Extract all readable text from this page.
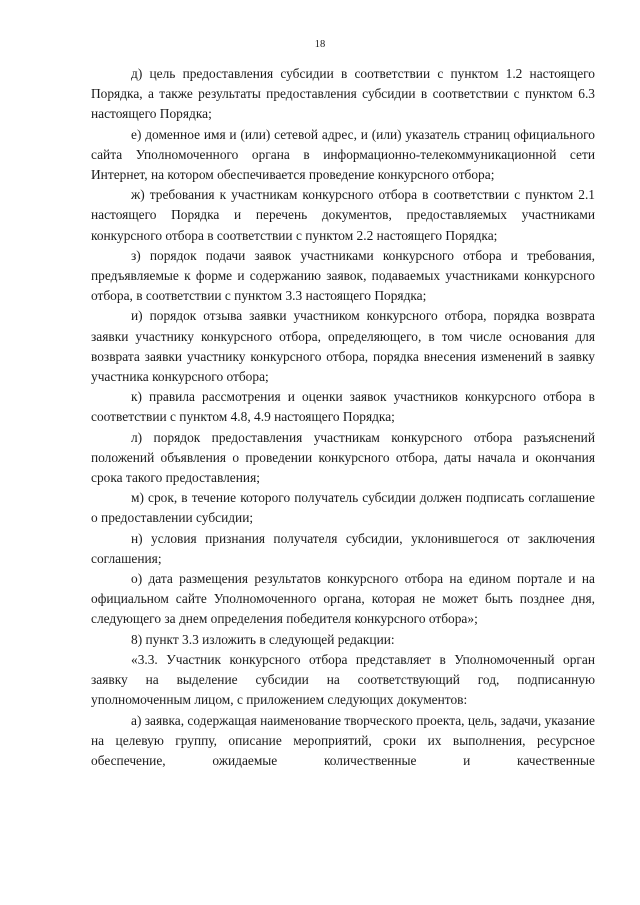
18

д) цель предоставления субсидии в соответствии с пунктом 1.2 настоящего Порядка, а также результаты предоставления субсидии в соответствии с пунктом 6.3 настоящего Порядка;

е) доменное имя и (или) сетевой адрес, и (или) указатель страниц официального сайта Уполномоченного органа в информационно-телекоммуникационной сети Интернет, на котором обеспечивается проведение конкурсного отбора;

ж) требования к участникам конкурсного отбора в соответствии с пунктом 2.1 настоящего Порядка и перечень документов, предоставляемых участниками конкурсного отбора в соответствии с пунктом 2.2 настоящего Порядка;

з) порядок подачи заявок участниками конкурсного отбора и требования, предъявляемые к форме и содержанию заявок, подаваемых участниками конкурсного отбора, в соответствии с пунктом 3.3 настоящего Порядка;

и) порядок отзыва заявки участником конкурсного отбора, порядка возврата заявки участнику конкурсного отбора, определяющего, в том числе основания для возврата заявки участнику конкурсного отбора, порядка внесения изменений в заявку участника конкурсного отбора;

к) правила рассмотрения и оценки заявок участников конкурсного отбора в соответствии с пунктом 4.8, 4.9 настоящего Порядка;

л) порядок предоставления участникам конкурсного отбора разъяснений положений объявления о проведении конкурсного отбора, даты начала и окончания срока такого предоставления;

м) срок, в течение которого получатель субсидии должен подписать соглашение о предоставлении субсидии;

н) условия признания получателя субсидии, уклонившегося от заключения соглашения;

о) дата размещения результатов конкурсного отбора на едином портале и на официальном сайте Уполномоченного органа, которая не может быть позднее дня, следующего за днем определения победителя конкурсного отбора»;

8) пункт 3.3 изложить в следующей редакции:

«3.3. Участник конкурсного отбора представляет в Уполномоченный орган заявку на выделение субсидии на соответствующий год, подписанную уполномоченным лицом, с приложением следующих документов:

а) заявка, содержащая наименование творческого проекта, цель, задачи, указание на целевую группу, описание мероприятий, сроки их выполнения, ресурсное обеспечение, ожидаемые количественные и качественные
